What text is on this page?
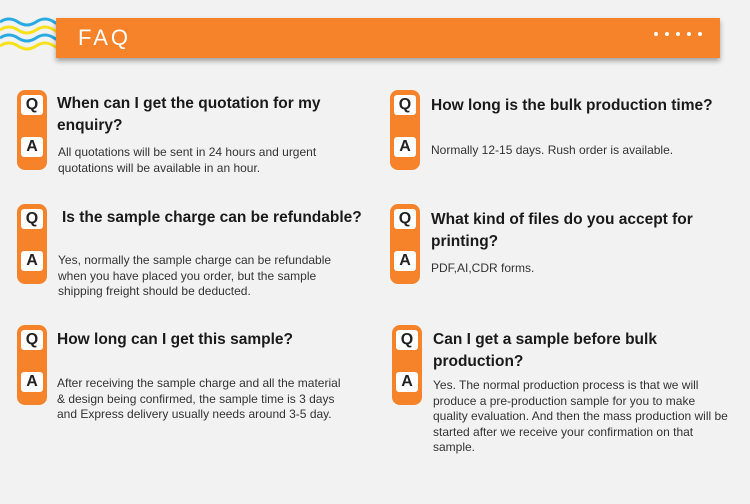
FAQ
Q
A
When can I get the quotation for my enquiry?
All quotations will be sent in 24 hours and urgent quotations will be available in an hour.
Q
A
How long is the bulk production time?
Normally 12-15 days. Rush order is available.
Q
A
Is the sample charge can be refundable?
Yes, normally the sample charge can be refundable when you have placed you order, but the sample shipping freight should be deducted.
Q
A
What kind of files do you accept for printing?
PDF,AI,CDR forms.
Q
A
How long can I get this sample?
After receiving the sample charge and all the material & design being confirmed, the sample time is 3 days and Express delivery usually needs around 3-5 day.
Q
A
Can I get a sample before bulk production?
Yes. The normal production process is that we will produce a pre-production sample for you to make quality evaluation. And then the mass production will be started after we receive your confirmation on that sample.
